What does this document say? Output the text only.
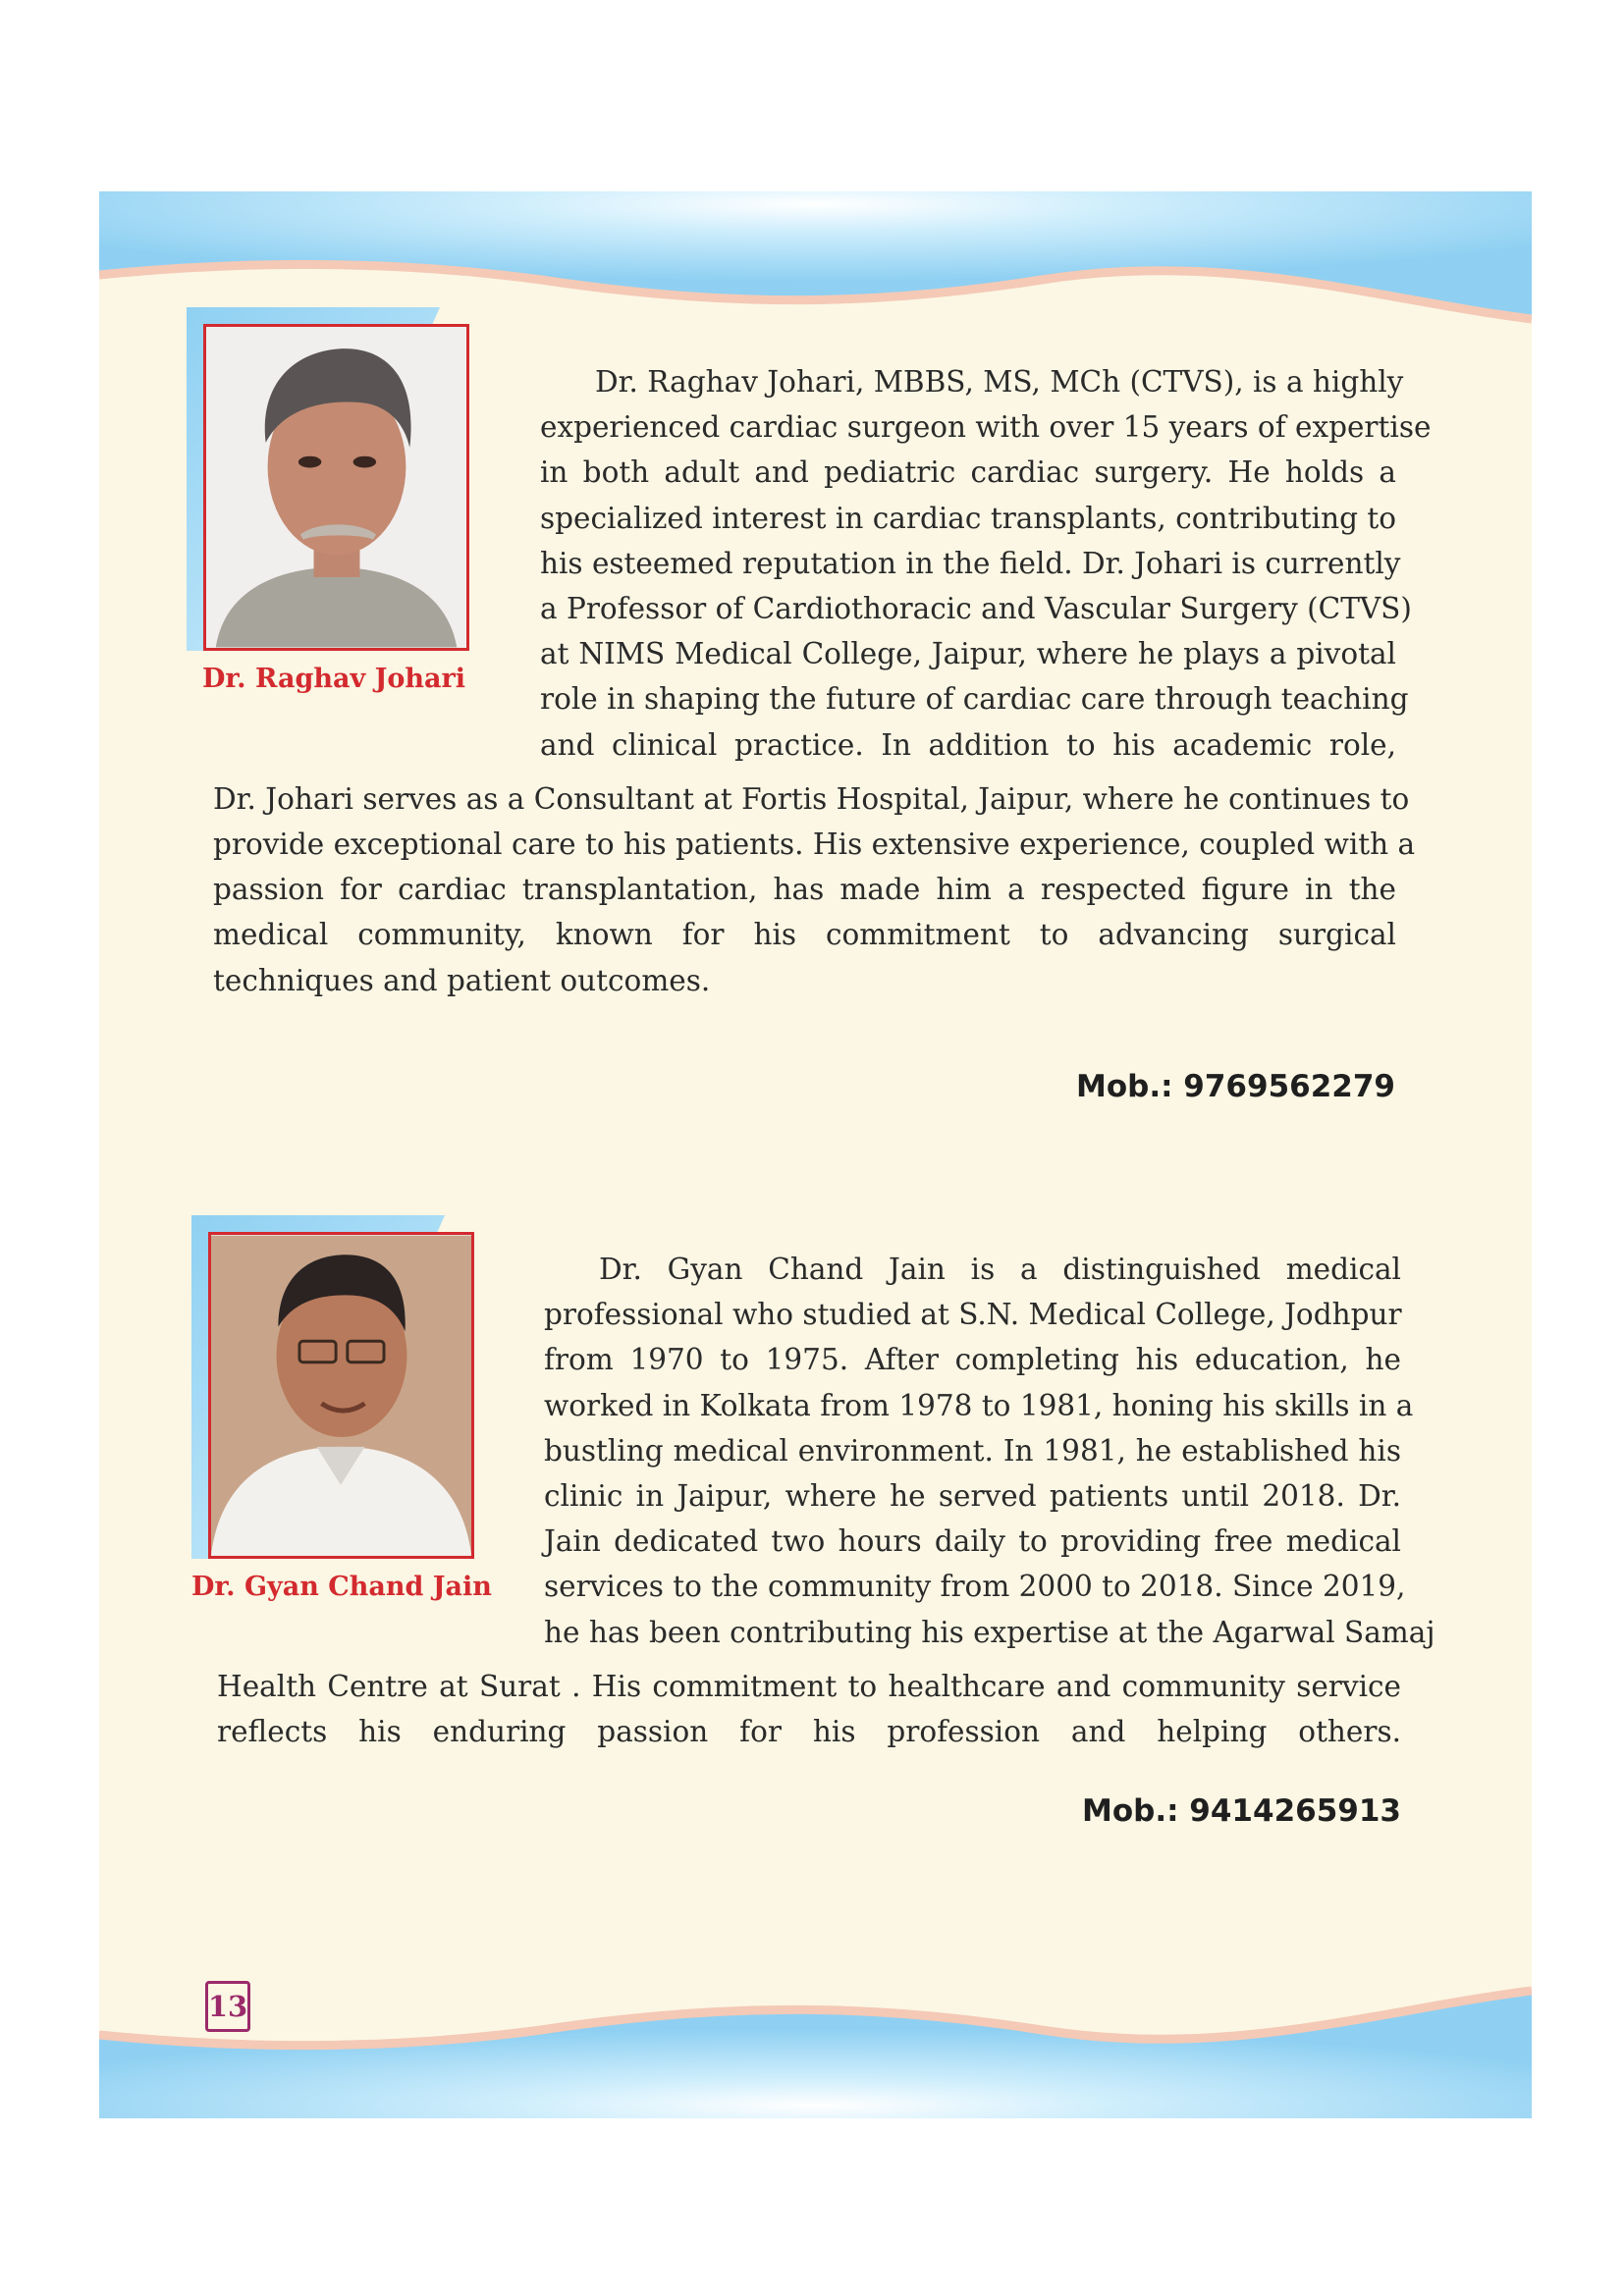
Dr. Raghav Johari
Dr. Raghav Johari, MBBS, MS, MCh (CTVS), is a highly
experienced cardiac surgeon with over 15 years of expertise
in both adult and pediatric cardiac surgery. He holds a
specialized interest in cardiac transplants, contributing to
his esteemed reputation in the field. Dr. Johari is currently
a Professor of Cardiothoracic and Vascular Surgery (CTVS)
at NIMS Medical College, Jaipur, where he plays a pivotal
role in shaping the future of cardiac care through teaching
and clinical practice. In addition to his academic role,
Dr. Johari serves as a Consultant at Fortis Hospital, Jaipur, where he continues to
provide exceptional care to his patients. His extensive experience, coupled with a
passion for cardiac transplantation, has made him a respected figure in the
medical community, known for his commitment to advancing surgical
techniques and patient outcomes.
Mob.: 9769562279
Dr. Gyan Chand Jain
Dr. Gyan Chand Jain is a distinguished medical
professional who studied at S.N. Medical College, Jodhpur
from 1970 to 1975. After completing his education, he
worked in Kolkata from 1978 to 1981, honing his skills in a
bustling medical environment. In 1981, he established his
clinic in Jaipur, where he served patients until 2018. Dr.
Jain dedicated two hours daily to providing free medical
services to the community from 2000 to 2018. Since 2019,
he has been contributing his expertise at the Agarwal Samaj
Health Centre at Surat . His commitment to healthcare and community service
reflects his enduring passion for his profession and helping others.
Mob.: 9414265913
13
